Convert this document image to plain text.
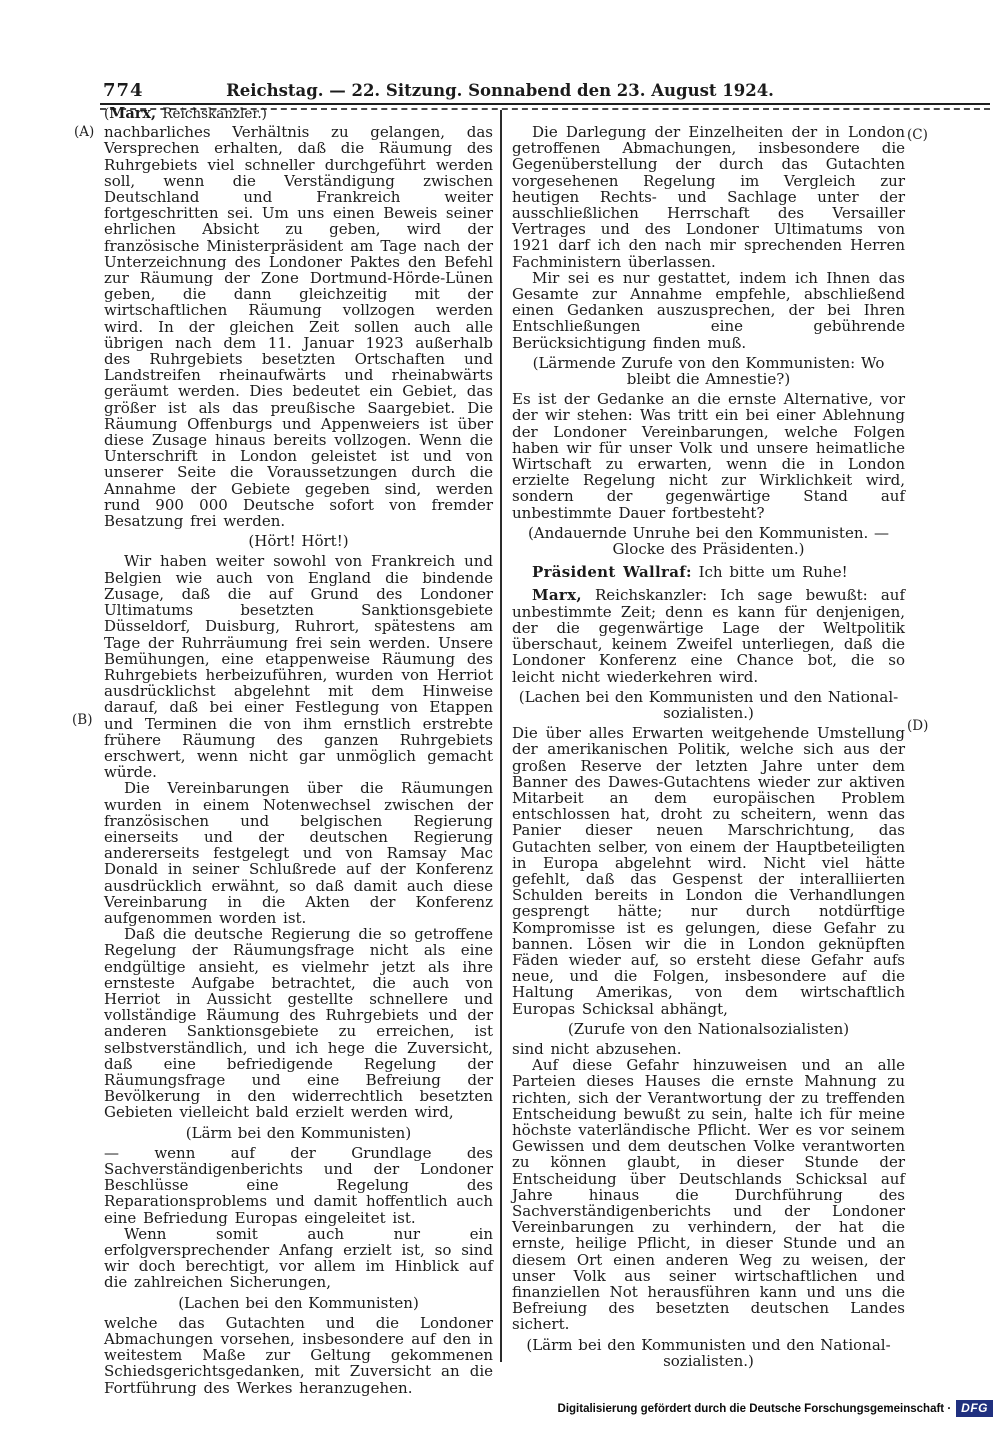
774	Reichstag. — 22. Sitzung. Sonnabend den 23. August 1924.
(A)
(B)
(C)
(D)

(Marx, Reichskanzler.)

nachbarliches Verhältnis zu gelangen, das Versprechen erhalten, daß die Räumung des Ruhrgebiets viel schneller durchgeführt werden soll, wenn die Verständigung zwischen Deutschland und Frankreich weiter fortgeschritten sei. Um uns einen Beweis seiner ehrlichen Absicht zu geben, wird der französische Ministerpräsident am Tage nach der Unterzeichnung des Londoner Paktes den Befehl zur Räumung der Zone Dortmund-Hörde-Lünen geben, die dann gleichzeitig mit der wirtschaftlichen Räumung vollzogen werden wird. In der gleichen Zeit sollen auch alle übrigen nach dem 11. Januar 1923 außerhalb des Ruhrgebiets besetzten Ortschaften und Landstreifen rheinaufwärts und rheinabwärts geräumt werden. Dies bedeutet ein Gebiet, das größer ist als das preußische Saargebiet. Die Räumung Offenburgs und Appenweiers ist über diese Zusage hinaus bereits vollzogen. Wenn die Unterschrift in London geleistet ist und von unserer Seite die Voraussetzungen durch die Annahme der Gebiete gegeben sind, werden rund 900 000 Deutsche sofort von fremder Besatzung frei werden.

(Hört! Hört!)

Wir haben weiter sowohl von Frankreich und Belgien wie auch von England die bindende Zusage, daß die auf Grund des Londoner Ultimatums besetzten Sanktionsgebiete Düsseldorf, Duisburg, Ruhrort, spätestens am Tage der Ruhrräumung frei sein werden. Unsere Bemühungen, eine etappenweise Räumung des Ruhrgebiets herbeizuführen, wurden von Herriot ausdrücklichst abgelehnt mit dem Hinweise darauf, daß bei einer Festlegung von Etappen und Terminen die von ihm ernstlich erstrebte frühere Räumung des ganzen Ruhrgebiets erschwert, wenn nicht gar unmöglich gemacht würde.

Die Vereinbarungen über die Räumungen wurden in einem Notenwechsel zwischen der französischen und belgischen Regierung einerseits und der deutschen Regierung andererseits festgelegt und von Ramsay Mac Donald in seiner Schlußrede auf der Konferenz ausdrücklich erwähnt, so daß damit auch diese Vereinbarung in die Akten der Konferenz aufgenommen worden ist.

Daß die deutsche Regierung die so getroffene Regelung der Räumungsfrage nicht als eine endgültige ansieht, es vielmehr jetzt als ihre ernsteste Aufgabe betrachtet, die auch von Herriot in Aussicht gestellte schnellere und vollständige Räumung des Ruhrgebiets und der anderen Sanktionsgebiete zu erreichen, ist selbstverständlich, und ich hege die Zuversicht, daß eine befriedigende Regelung der Räumungsfrage und eine Befreiung der Bevölkerung in den widerrechtlich besetzten Gebieten vielleicht bald erzielt werden wird,

(Lärm bei den Kommunisten)

— wenn auf der Grundlage des Sachverständigenberichts und der Londoner Beschlüsse eine Regelung des Reparationsproblems und damit hoffentlich auch eine Befriedung Europas eingeleitet ist.

Wenn somit auch nur ein erfolgversprechender Anfang erzielt ist, so sind wir doch berechtigt, vor allem im Hinblick auf die zahlreichen Sicherungen,

(Lachen bei den Kommunisten)

welche das Gutachten und die Londoner Abmachungen vorsehen, insbesondere auf den in weitestem Maße zur Geltung gekommenen Schiedsgerichtsgedanken, mit Zuversicht an die Fortführung des Werkes heranzugehen.

Die Darlegung der Einzelheiten der in London getroffenen Abmachungen, insbesondere die Gegenüberstellung der durch das Gutachten vorgesehenen Regelung im Vergleich zur heutigen Rechts- und Sachlage unter der ausschließlichen Herrschaft des Versailler Vertrages und des Londoner Ultimatums von 1921 darf ich den nach mir sprechenden Herren Fachministern überlassen.

Mir sei es nur gestattet, indem ich Ihnen das Gesamte zur Annahme empfehle, abschließend einen Gedanken auszusprechen, der bei Ihren Entschließungen eine gebührende Berücksichtigung finden muß.

(Lärmende Zurufe von den Kommunisten: Wo bleibt die Amnestie?)

Es ist der Gedanke an die ernste Alternative, vor der wir stehen: Was tritt ein bei einer Ablehnung der Londoner Vereinbarungen, welche Folgen haben wir für unser Volk und unsere heimatliche Wirtschaft zu erwarten, wenn die in London erzielte Regelung nicht zur Wirklichkeit wird, sondern der gegenwärtige Stand auf unbestimmte Dauer fortbesteht?

(Andauernde Unruhe bei den Kommunisten. — Glocke des Präsidenten.)

Präsident Wallraf: Ich bitte um Ruhe!

Marx, Reichskanzler: Ich sage bewußt: auf unbestimmte Zeit; denn es kann für denjenigen, der die gegenwärtige Lage der Weltpolitik überschaut, keinem Zweifel unterliegen, daß die Londoner Konferenz eine Chance bot, die so leicht nicht wiederkehren wird.

(Lachen bei den Kommunisten und den Nationalsozialisten.)

Die über alles Erwarten weitgehende Umstellung der amerikanischen Politik, welche sich aus der großen Reserve der letzten Jahre unter dem Banner des Dawes-Gutachtens wieder zur aktiven Mitarbeit an dem europäischen Problem entschlossen hat, droht zu scheitern, wenn das Panier dieser neuen Marschrichtung, das Gutachten selber, von einem der Hauptbeteiligten in Europa abgelehnt wird. Nicht viel hätte gefehlt, daß das Gespenst der interalliierten Schulden bereits in London die Verhandlungen gesprengt hätte; nur durch notdürftige Kompromisse ist es gelungen, diese Gefahr zu bannen. Lösen wir die in London geknüpften Fäden wieder auf, so ersteht diese Gefahr aufs neue, und die Folgen, insbesondere auf die Haltung Amerikas, von dem wirtschaftlich Europas Schicksal abhängt,

(Zurufe von den Nationalsozialisten)

sind nicht abzusehen.

Auf diese Gefahr hinzuweisen und an alle Parteien dieses Hauses die ernste Mahnung zu richten, sich der Verantwortung der zu treffenden Entscheidung bewußt zu sein, halte ich für meine höchste vaterländische Pflicht. Wer es vor seinem Gewissen und dem deutschen Volke verantworten zu können glaubt, in dieser Stunde der Entscheidung über Deutschlands Schicksal auf Jahre hinaus die Durchführung des Sachverständigenberichts und der Londoner Vereinbarungen zu verhindern, der hat die ernste, heilige Pflicht, in dieser Stunde und an diesem Ort einen anderen Weg zu weisen, der unser Volk aus seiner wirtschaftlichen und finanziellen Not herausführen kann und uns die Befreiung des besetzten deutschen Landes sichert.

(Lärm bei den Kommunisten und den Nationalsozialisten.)

Digitalisierung gefördert durch die Deutsche Forschungsgemeinschaft · DFG
